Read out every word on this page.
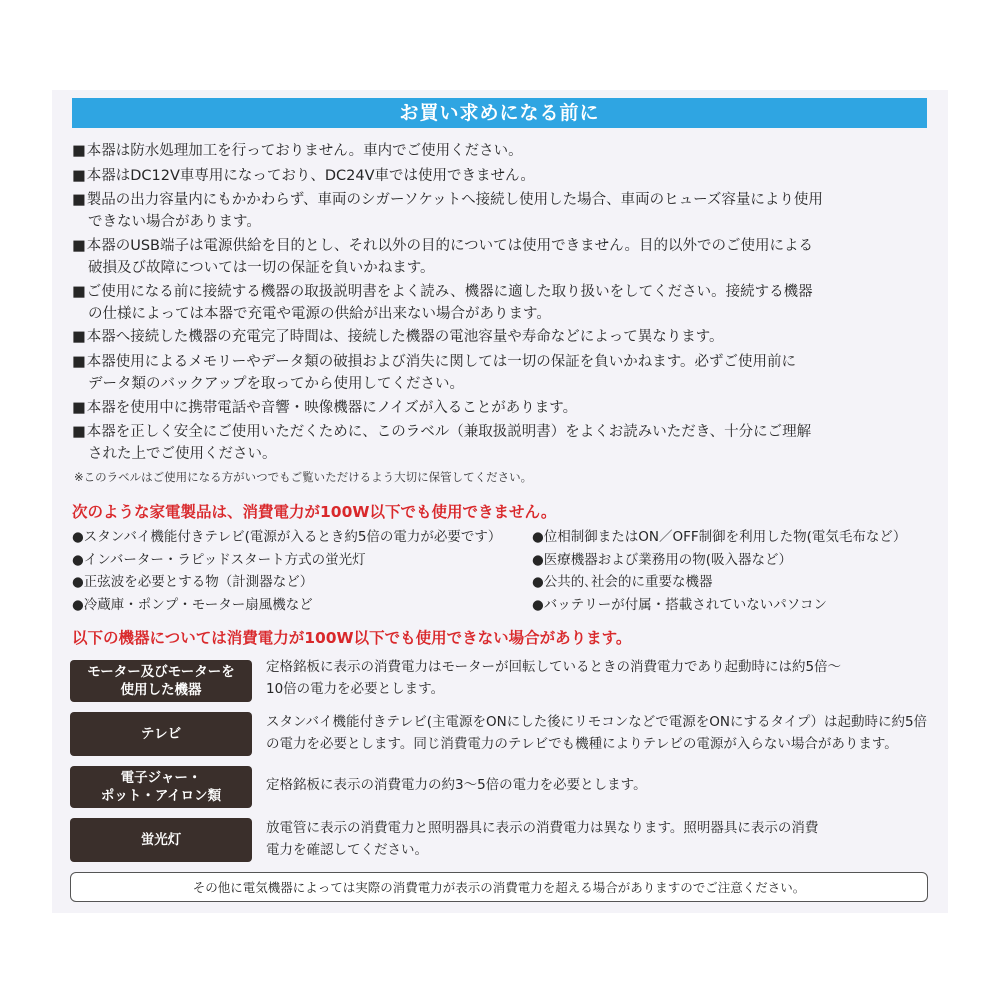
お買い求めになる前に
■本器は防水処理加工を行っておりません。車内でご使用ください。
■本器はDC12V車専用になっており、DC24V車では使用できません。
■製品の出力容量内にもかかわらず、車両のシガーソケットへ接続し使用した場合、車両のヒューズ容量により使用
できない場合があります。
■本器のUSB端子は電源供給を目的とし、それ以外の目的については使用できません。目的以外でのご使用による
破損及び故障については一切の保証を負いかねます。
■ご使用になる前に接続する機器の取扱説明書をよく読み、機器に適した取り扱いをしてください。接続する機器
の仕様によっては本器で充電や電源の供給が出来ない場合があります。
■本器へ接続した機器の充電完了時間は、接続した機器の電池容量や寿命などによって異なります。
■本器使用によるメモリーやデータ類の破損および消失に関しては一切の保証を負いかねます。必ずご使用前に
データ類のバックアップを取ってから使用してください。
■本器を使用中に携帯電話や音響・映像機器にノイズが入ることがあります。
■本器を正しく安全にご使用いただくために、このラベル（兼取扱説明書）をよくお読みいただき、十分にご理解
された上でご使用ください。
※このラベルはご使用になる方がいつでもご覧いただけるよう大切に保管してください。
次のような家電製品は、消費電力が100W以下でも使用できません。
●スタンバイ機能付きテレビ(電源が入るとき約5倍の電力が必要です）
●インバーター・ラピッドスタート方式の蛍光灯
●正弦波を必要とする物（計測器など）
●冷蔵庫・ポンプ・モーター扇風機など
●位相制御またはON／OFF制御を利用した物(電気毛布など）
●医療機器および業務用の物(吸入器など）
●公共的､社会的に重要な機器
●バッテリーが付属・搭載されていないパソコン
以下の機器については消費電力が100W以下でも使用できない場合があります。
モーター及びモーターを
使用した機器
定格銘板に表示の消費電力はモーターが回転しているときの消費電力であり起動時には約5倍～
10倍の電力を必要とします。
テレビ
スタンバイ機能付きテレビ(主電源をONにした後にリモコンなどで電源をONにするタイプ）は起動時に約5倍
の電力を必要とします。同じ消費電力のテレビでも機種によりテレビの電源が入らない場合があります。
電子ジャー・
ポット・アイロン類
定格銘板に表示の消費電力の約3～5倍の電力を必要とします。
蛍光灯
放電管に表示の消費電力と照明器具に表示の消費電力は異なります。照明器具に表示の消費
電力を確認してください。
その他に電気機器によっては実際の消費電力が表示の消費電力を超える場合がありますのでご注意ください。
